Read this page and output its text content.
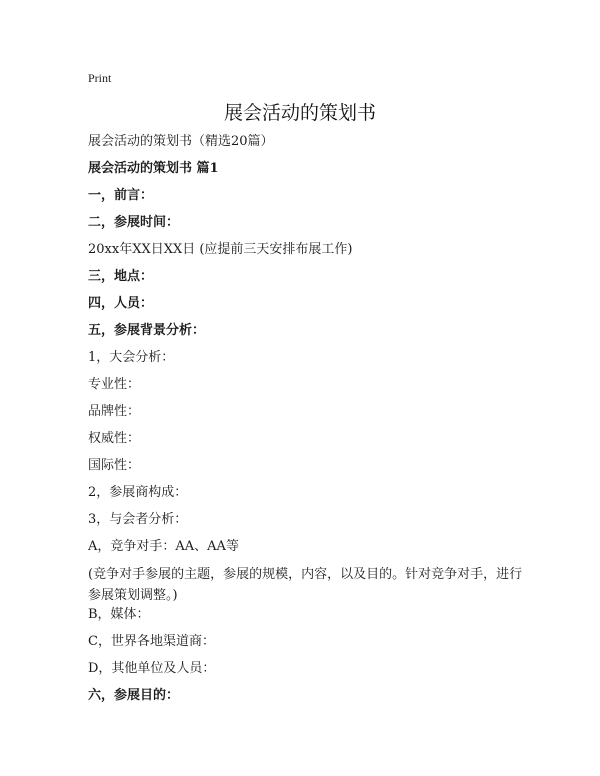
Print
展会活动的策划书

展会活动的策划书（精选20篇）

展会活动的策划书 篇1

一，前言：

二，参展时间：

20xx年XX日XX日 (应提前三天安排布展工作)

三，地点：

四，人员：

五，参展背景分析：

1，大会分析：

专业性：

品牌性：

权威性：

国际性：

2，参展商构成：

3，与会者分析：

A，竞争对手：AA、AA等

(竞争对手参展的主题，参展的规模，内容，以及目的。针对竞争对手，进行参展策划调整。)

B，媒体：

C，世界各地渠道商：

D，其他单位及人员：

六，参展目的：
